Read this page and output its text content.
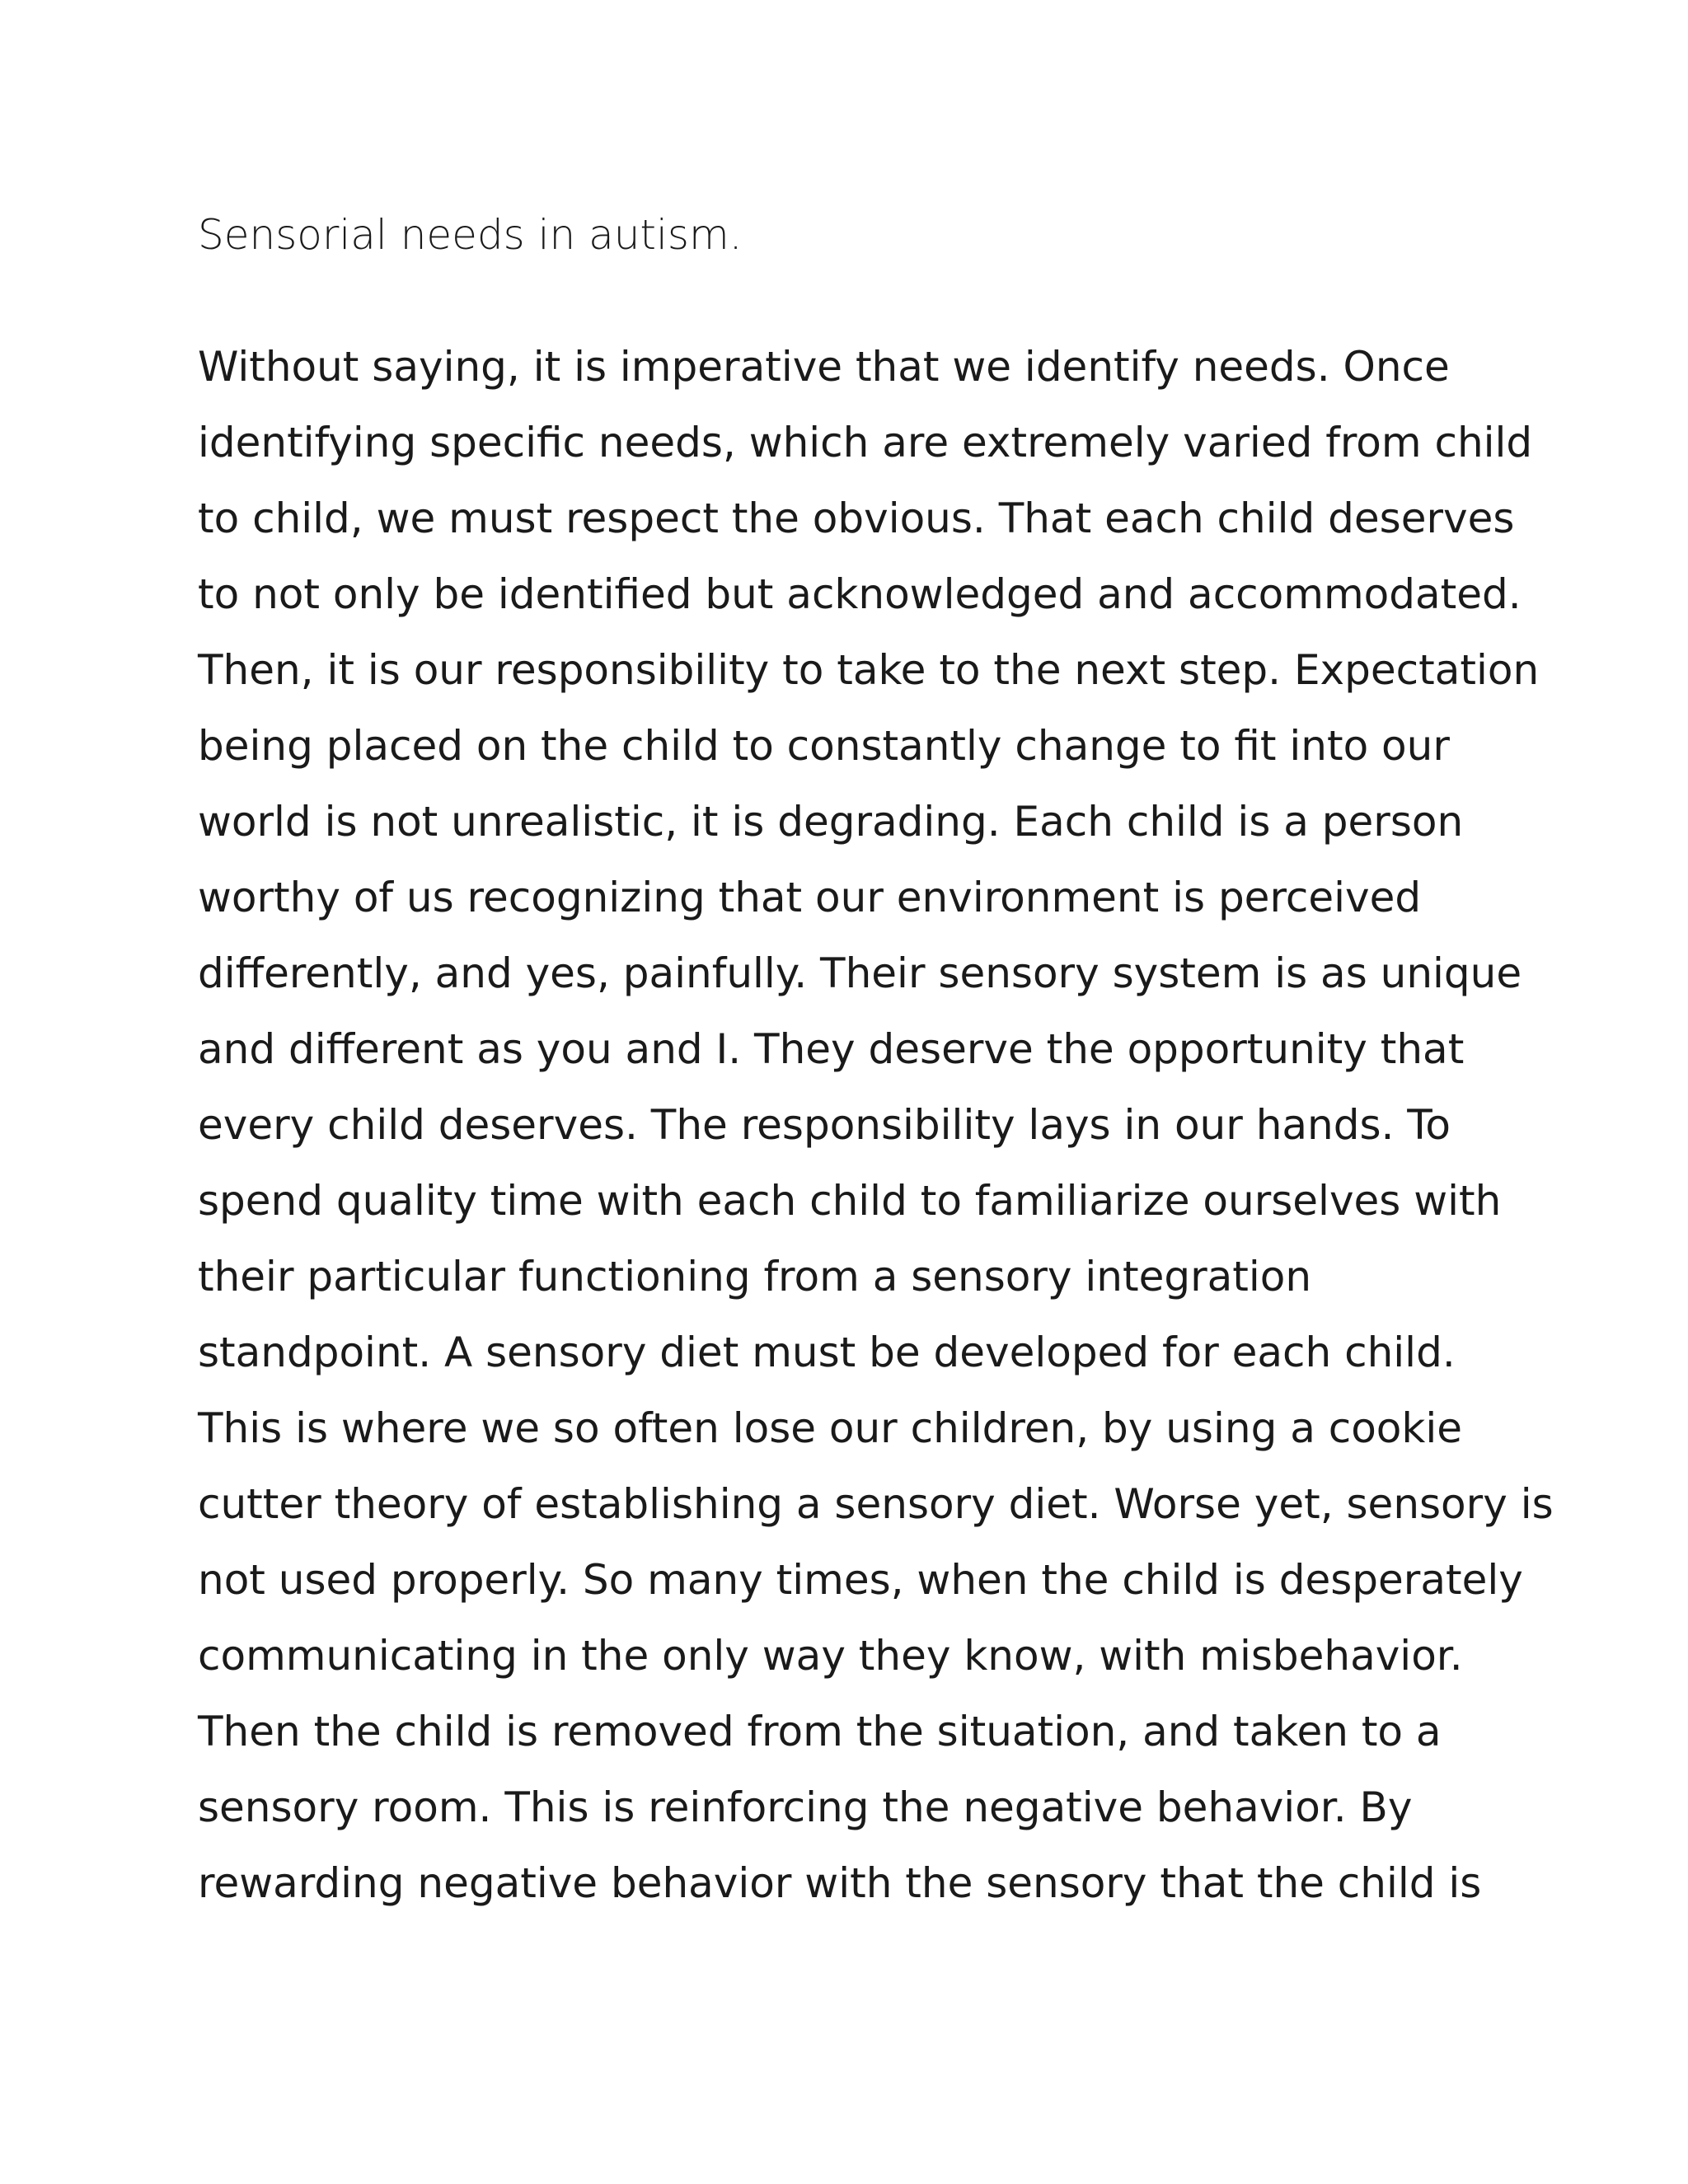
Sensorial needs in autism.
Without saying, it is imperative that we identify needs. Once
identifying specific needs, which are extremely varied from child
to child, we must respect the obvious. That each child deserves
to not only be identified but acknowledged and accommodated.
Then, it is our responsibility to take to the next step. Expectation
being placed on the child to constantly change to fit into our
world is not unrealistic, it is degrading. Each child is a person
worthy of us recognizing that our environment is perceived
differently, and yes, painfully. Their sensory system is as unique
and different as you and I. They deserve the opportunity that
every child deserves. The responsibility lays in our hands. To
spend quality time with each child to familiarize ourselves with
their particular functioning from a sensory integration
standpoint. A sensory diet must be developed for each child.
This is where we so often lose our children, by using a cookie
cutter theory of establishing a sensory diet. Worse yet, sensory is
not used properly. So many times, when the child is desperately
communicating in the only way they know, with misbehavior.
Then the child is removed from the situation, and taken to a
sensory room. This is reinforcing the negative behavior. By
rewarding negative behavior with the sensory that the child is
